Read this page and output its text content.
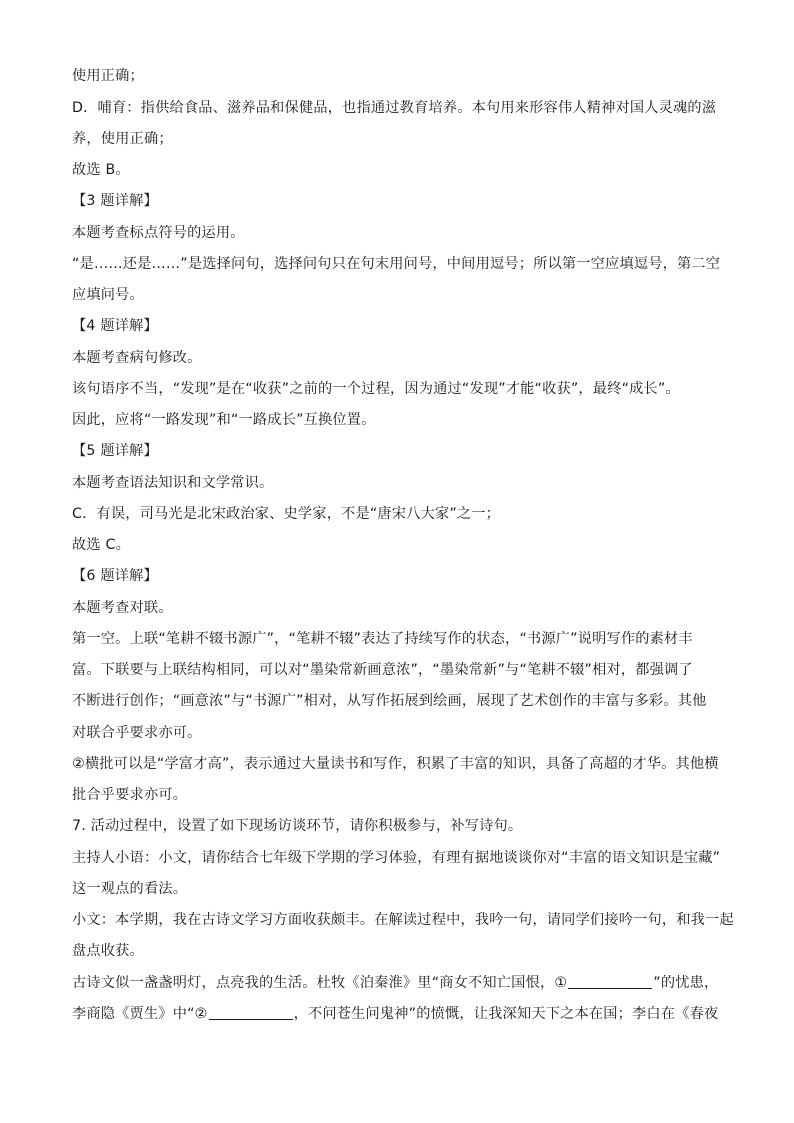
使用正确；
D．哺育：指供给食品、滋养品和保健品，也指通过教育培养。本句用来形容伟人精神对国人灵魂的滋
养，使用正确；
故选 B。
【3 题详解】
本题考查标点符号的运用。
“是……还是……”是选择问句，选择问句只在句末用问号，中间用逗号；所以第一空应填逗号，第二空
应填问号。
【4 题详解】
本题考查病句修改。
该句语序不当，“发现”是在“收获”之前的一个过程，因为通过“发现”才能“收获”，最终“成长”。
因此，应将“一路发现”和“一路成长”互换位置。
【5 题详解】
本题考查语法知识和文学常识。
C．有误，司马光是北宋政治家、史学家，不是“唐宋八大家”之一；
故选 C。
【6 题详解】
本题考查对联。
第一空。上联“笔耕不辍书源广”，“笔耕不辍”表达了持续写作的状态，“书源广”说明写作的素材丰
富。下联要与上联结构相同，可以对“墨染常新画意浓”，“墨染常新”与“笔耕不辍”相对，都强调了
不断进行创作；“画意浓”与“书源广”相对，从写作拓展到绘画，展现了艺术创作的丰富与多彩。其他
对联合乎要求亦可。
②横批可以是“学富才高”，表示通过大量读书和写作，积累了丰富的知识，具备了高超的才华。其他横
批合乎要求亦可。
7. 活动过程中，设置了如下现场访谈环节，请你积极参与，补写诗句。
主持人小语：小文，请你结合七年级下学期的学习体验，有理有据地谈谈你对“丰富的语文知识是宝藏”
这一观点的看法。
小文：本学期，我在古诗文学习方面收获颇丰。在解读过程中，我吟一句，请同学们接吟一句，和我一起
盘点收获。
古诗文似一盏盏明灯，点亮我的生活。杜牧《泊秦淮》里“商女不知亡国恨，①	”的忧患，
李商隐《贾生》中“②	，不问苍生问鬼神”的愤慨，让我深知天下之本在国；李白在《春夜
